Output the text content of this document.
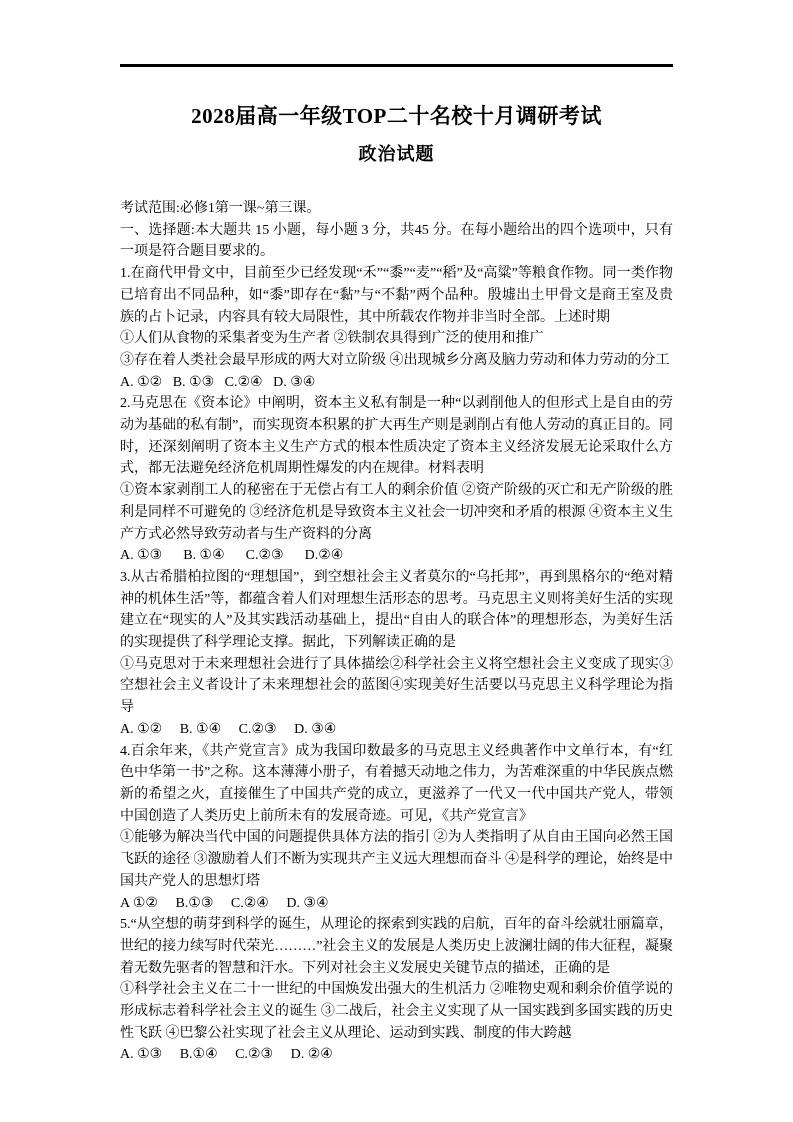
2028届高一年级TOP二十名校十月调研考试
政治试题

考试范围:必修1第一课~第三课。

一、选择题:本大题共 15 小题，每小题 3 分，共45 分。在每小题给出的四个选项中，只有一项是符合题目要求的。

1.在商代甲骨文中，目前至少已经发现“禾”“黍”“麦”“稻”及“高粱”等粮食作物。同一类作物已培育出不同品种，如“黍”即存在“黏”与“不黏”两个品种。殷墟出土甲骨文是商王室及贵族的占卜记录，内容具有较大局限性，其中所载农作物并非当时全部。上述时期

①人们从食物的采集者变为生产者 ②铁制农具得到广泛的使用和推广

③存在着人类社会最早形成的两大对立阶级 ④出现城乡分离及脑力劳动和体力劳动的分工

A. ①②   B. ①③   C.②④   D. ③④

2.马克思在《资本论》中阐明，资本主义私有制是一种“以剥削他人的但形式上是自由的劳动为基础的私有制”，而实现资本积累的扩大再生产则是剥削占有他人劳动的真正目的。同时，还深刻阐明了资本主义生产方式的根本性质决定了资本主义经济发展无论采取什么方式，都无法避免经济危机周期性爆发的内在规律。材料表明

①资本家剥削工人的秘密在于无偿占有工人的剩余价值 ②资产阶级的灭亡和无产阶级的胜利是同样不可避免的 ③经济危机是导致资本主义社会一切冲突和矛盾的根源 ④资本主义生产方式必然导致劳动者与生产资料的分离

A. ①③      B. ①④      C.②③      D.②④

3.从古希腊柏拉图的“理想国”，到空想社会主义者莫尔的“乌托邦”，再到黑格尔的“绝对精神的机体生活”等，都蕴含着人们对理想生活形态的思考。马克思主义则将美好生活的实现建立在“现实的人”及其实践活动基础上，提出“自由人的联合体”的理想形态，为美好生活的实现提供了科学理论支撑。据此，下列解读正确的是

①马克思对于未来理想社会进行了具体描绘②科学社会主义将空想社会主义变成了现实③空想社会主义者设计了未来理想社会的蓝图④实现美好生活要以马克思主义科学理论为指导

A. ①②     B. ①④     C.②③     D. ③④

4.百余年来，《共产党宣言》成为我国印数最多的马克思主义经典著作中文单行本，有“红色中华第一书”之称。这本薄薄小册子，有着撼天动地之伟力，为苦难深重的中华民族点燃新的希望之火，直接催生了中国共产党的成立，更滋养了一代又一代中国共产党人，带领中国创造了人类历史上前所未有的发展奇迹。可见，《共产党宣言》

①能够为解决当代中国的问题提供具体方法的指引 ②为人类指明了从自由王国向必然王国飞跃的途径 ③激励着人们不断为实现共产主义远大理想而奋斗 ④是科学的理论，始终是中国共产党人的思想灯塔

A ①②     B.①③     C.②④     D. ③④

5.“从空想的萌芽到科学的诞生，从理论的探索到实践的启航，百年的奋斗绘就壮丽篇章，世纪的接力续写时代荣光………”社会主义的发展是人类历史上波澜壮阔的伟大征程，凝聚着无数先驱者的智慧和汗水。下列对社会主义发展史关键节点的描述，正确的是

①科学社会主义在二十一世纪的中国焕发出强大的生机活力 ②唯物史观和剩余价值学说的形成标志着科学社会主义的诞生 ③二战后，社会主义实现了从一国实践到多国实践的历史性飞跃 ④巴黎公社实现了社会主义从理论、运动到实践、制度的伟大跨越

A. ①③     B.①④     C.②③     D. ②④
